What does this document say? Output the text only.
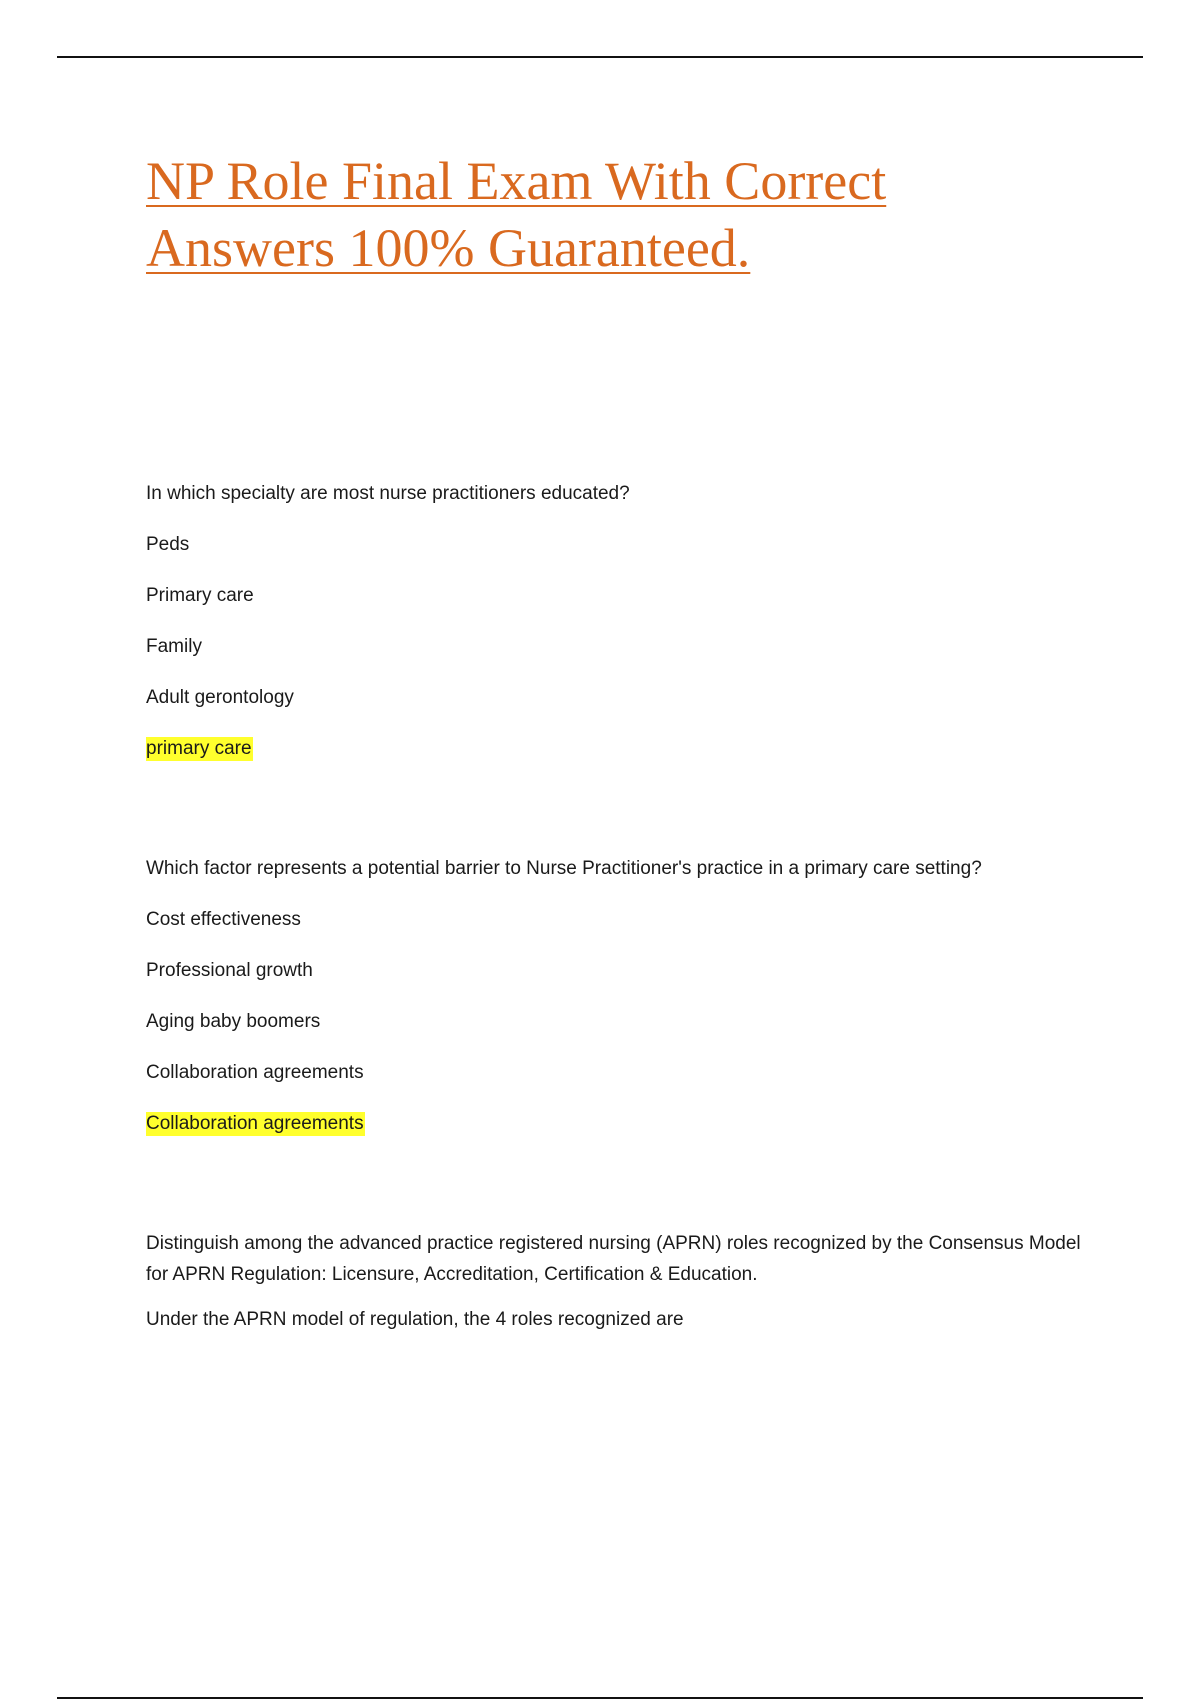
NP Role Final Exam With Correct Answers 100% Guaranteed.

In which specialty are most nurse practitioners educated?

Peds

Primary care

Family

Adult gerontology

primary care

Which factor represents a potential barrier to Nurse Practitioner's practice in a primary care setting?

Cost effectiveness

Professional growth

Aging baby boomers

Collaboration agreements

Collaboration agreements

Distinguish among the advanced practice registered nursing (APRN) roles recognized by the Consensus Model for APRN Regulation: Licensure, Accreditation, Certification & Education.

Under the APRN model of regulation, the 4 roles recognized are
